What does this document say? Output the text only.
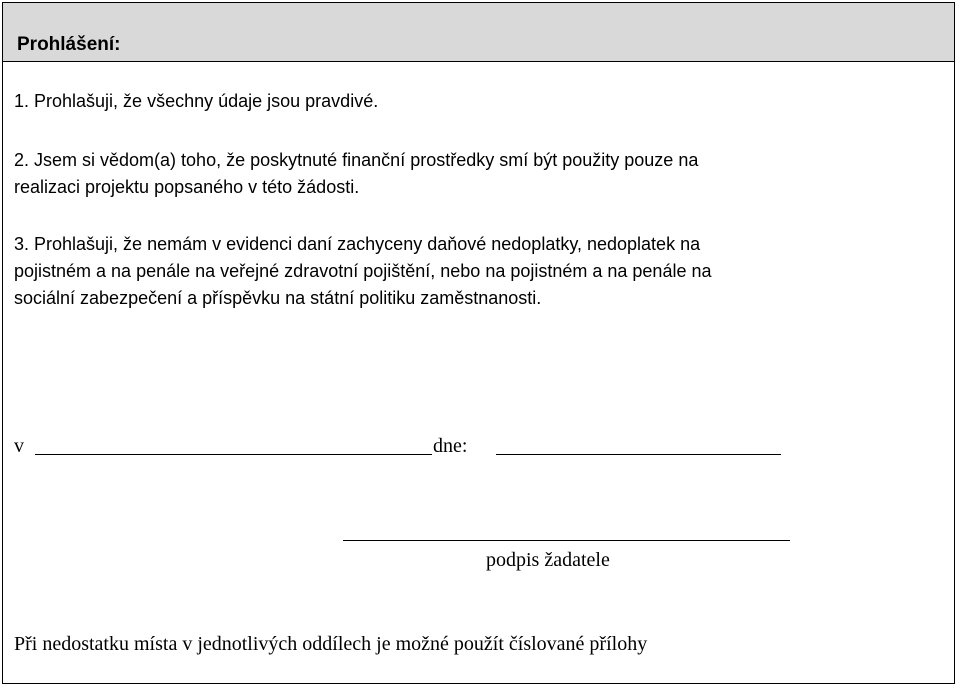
Prohlášení:
1. Prohlašuji, že všechny údaje jsou pravdivé.
2. Jsem si vědom(a) toho, že poskytnuté finanční prostředky smí být použity pouze na
realizaci projektu popsaného v této žádosti.
3. Prohlašuji, že nemám v evidenci daní zachyceny daňové nedoplatky, nedoplatek na
pojistném a na penále na veřejné zdravotní pojištění, nebo na pojistném a na penále na
sociální zabezpečení a příspěvku na státní politiku zaměstnanosti.
v	dne:
podpis žadatele
Při nedostatku místa v jednotlivých oddílech je možné použít číslované přílohy
